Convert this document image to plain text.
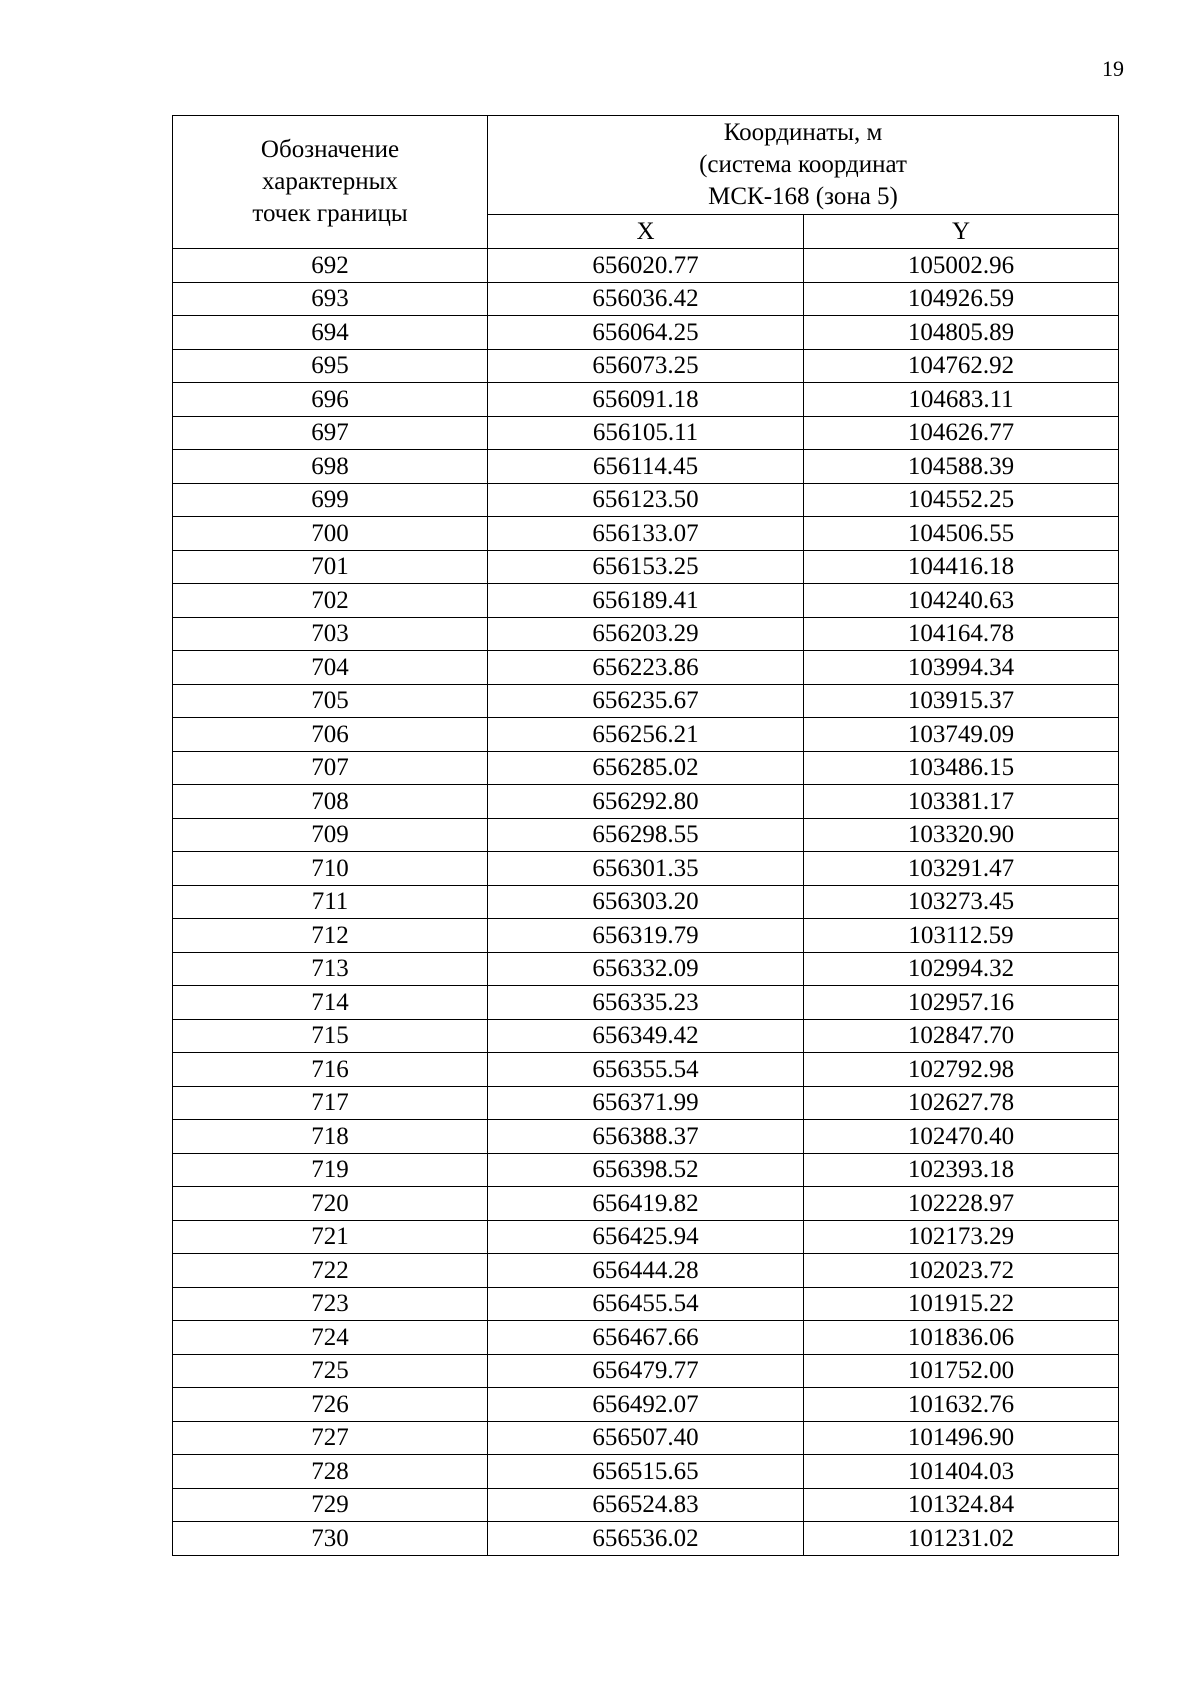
19
Обозначение
характерных
точек границы	Координаты, м
(система координат
МСК-168 (зона 5)	

	X	Y
692	656020.77	105002.96
693	656036.42	104926.59
694	656064.25	104805.89
695	656073.25	104762.92
696	656091.18	104683.11
697	656105.11	104626.77
698	656114.45	104588.39
699	656123.50	104552.25
700	656133.07	104506.55
701	656153.25	104416.18
702	656189.41	104240.63
703	656203.29	104164.78
704	656223.86	103994.34
705	656235.67	103915.37
706	656256.21	103749.09
707	656285.02	103486.15
708	656292.80	103381.17
709	656298.55	103320.90
710	656301.35	103291.47
711	656303.20	103273.45
712	656319.79	103112.59
713	656332.09	102994.32
714	656335.23	102957.16
715	656349.42	102847.70
716	656355.54	102792.98
717	656371.99	102627.78
718	656388.37	102470.40
719	656398.52	102393.18
720	656419.82	102228.97
721	656425.94	102173.29
722	656444.28	102023.72
723	656455.54	101915.22
724	656467.66	101836.06
725	656479.77	101752.00
726	656492.07	101632.76
727	656507.40	101496.90
728	656515.65	101404.03
729	656524.83	101324.84
730	656536.02	101231.02
